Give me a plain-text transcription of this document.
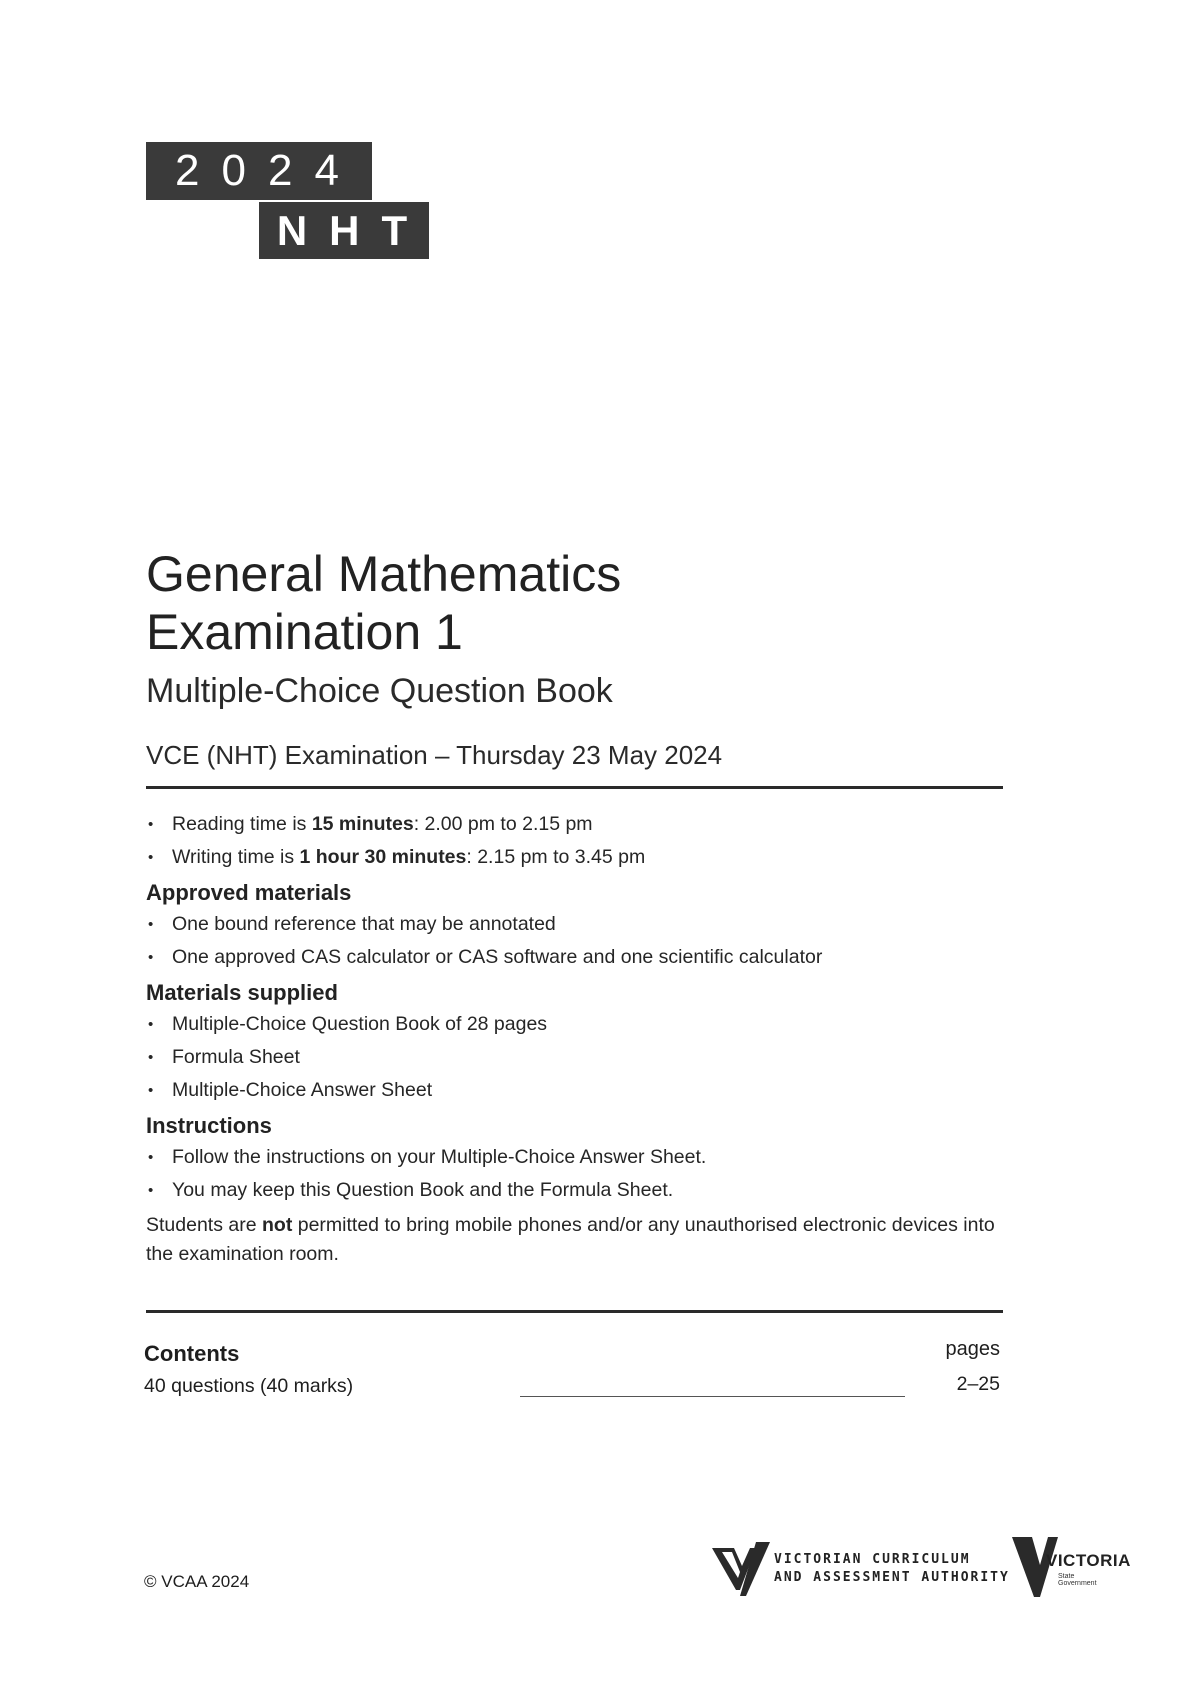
2024
NHT
General Mathematics
Examination 1
Multiple-Choice Question Book
VCE (NHT) Examination – Thursday 23 May 2024
• Reading time is 15 minutes: 2.00 pm to 2.15 pm
• Writing time is 1 hour 30 minutes: 2.15 pm to 3.45 pm
Approved materials
• One bound reference that may be annotated
• One approved CAS calculator or CAS software and one scientific calculator
Materials supplied
• Multiple-Choice Question Book of 28 pages
• Formula Sheet
• Multiple-Choice Answer Sheet
Instructions
• Follow the instructions on your Multiple-Choice Answer Sheet.
• You may keep this Question Book and the Formula Sheet.
Students are not permitted to bring mobile phones and/or any unauthorised electronic devices into the examination room.
Contents	pages
40 questions (40 marks)	2–25
© VCAA 2024
VICTORIAN CURRICULUM
AND ASSESSMENT AUTHORITY
VICTORIA
State Government
